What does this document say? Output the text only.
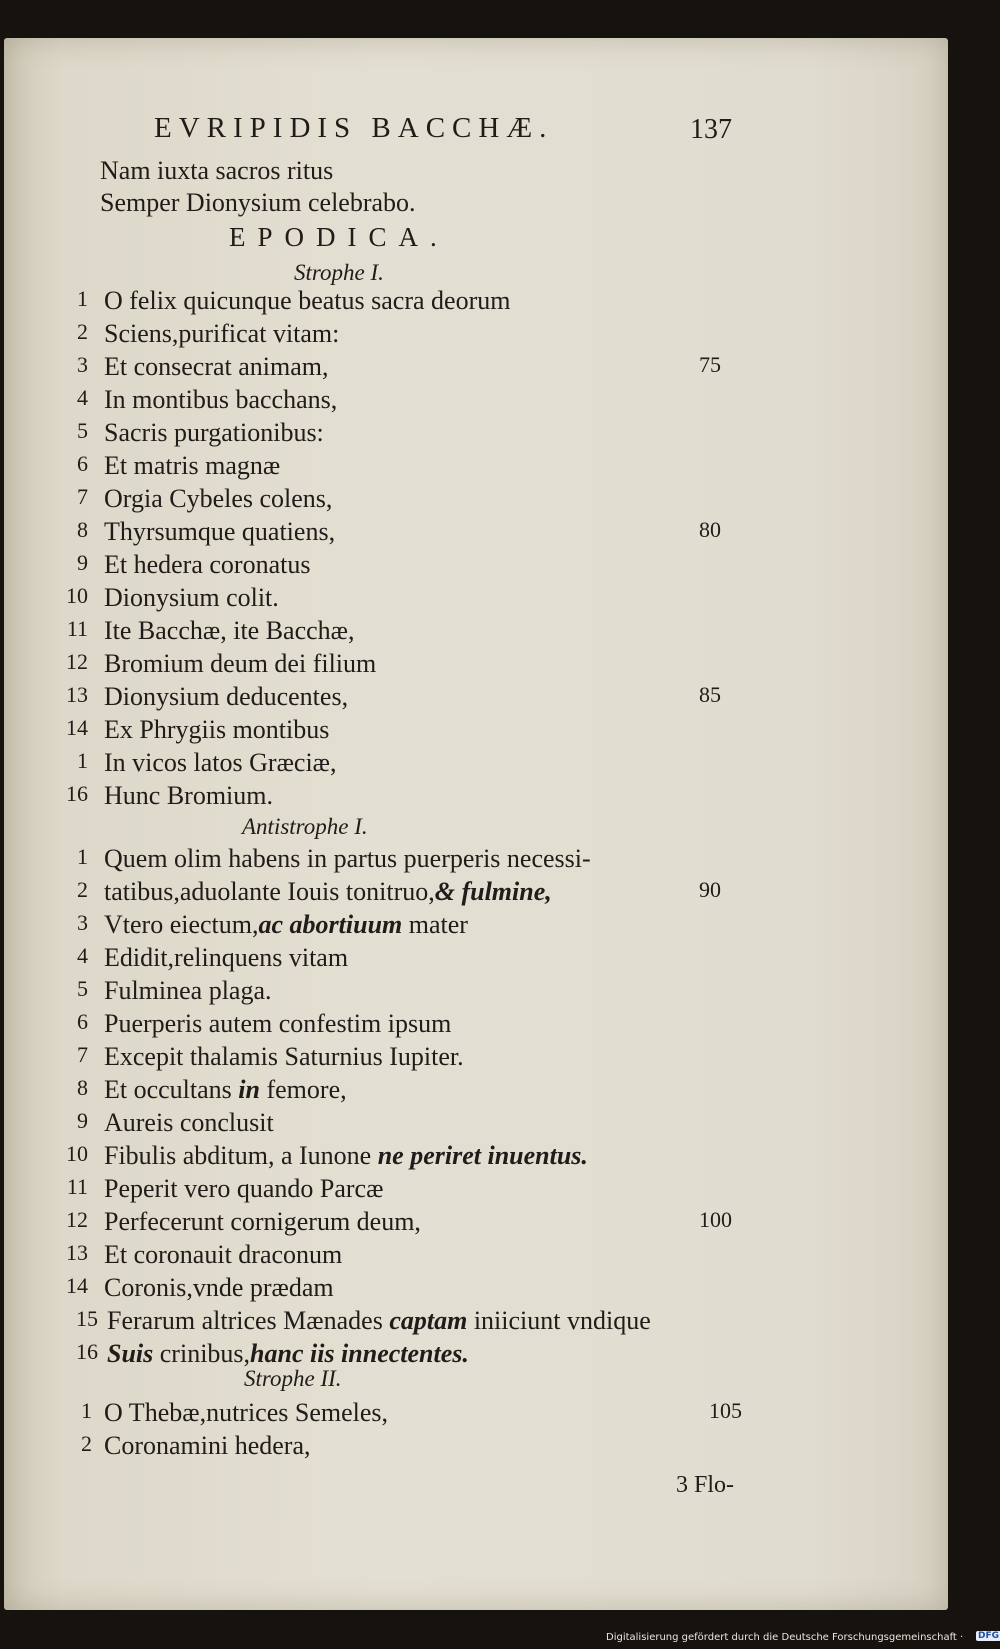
EVRIPIDIS BACCHÆ.	137
Nam iuxta sacros ritus
Semper Dionysium celebrabo.
EPODICA.
Strophe I.
1 O felix quicunque beatus sacra deorum
2 Sciens,purificat vitam:
3 Et consecrat animam,	75
4 In montibus bacchans,
5 Sacris purgationibus:
6 Et matris magnæ
7 Orgia Cybeles colens,
8 Thyrsumque quatiens,	80
9 Et hedera coronatus
10 Dionysium colit.
11 Ite Bacchæ, ite Bacchæ,
12 Bromium deum dei filium
13 Dionysium deducentes,	85
14 Ex Phrygiis montibus
1 In vicos latos Græciæ,
16 Hunc Bromium.
Antistrophe I.
1 Quem olim habens in partus puerperis necessi-
2 tatibus,aduolante Iouis tonitruo,& fulmine,	90
3 Vtero eiectum,ac abortiuum mater
4 Edidit,relinquens vitam
5 Fulminea plaga.
6 Puerperis autem confestim ipsum
7 Excepit thalamis Saturnius Iupiter.
8 Et occultans in femore,
9 Aureis conclusit
10 Fibulis abditum, a Iunone ne periret inuentus.
11 Peperit vero quando Parcæ
12 Perfecerunt cornigerum deum,	100
13 Et coronauit draconum
14 Coronis,vnde prædam
15 Ferarum altrices Mænades captam iniiciunt vndique
16 Suis crinibus,hanc iis innectentes.
Strophe II.
1 O Thebæ,nutrices Semeles,	105
2 Coronamini hedera,
3 Flo-
Digitalisierung gefördert durch die Deutsche Forschungsgemeinschaft · DFG
